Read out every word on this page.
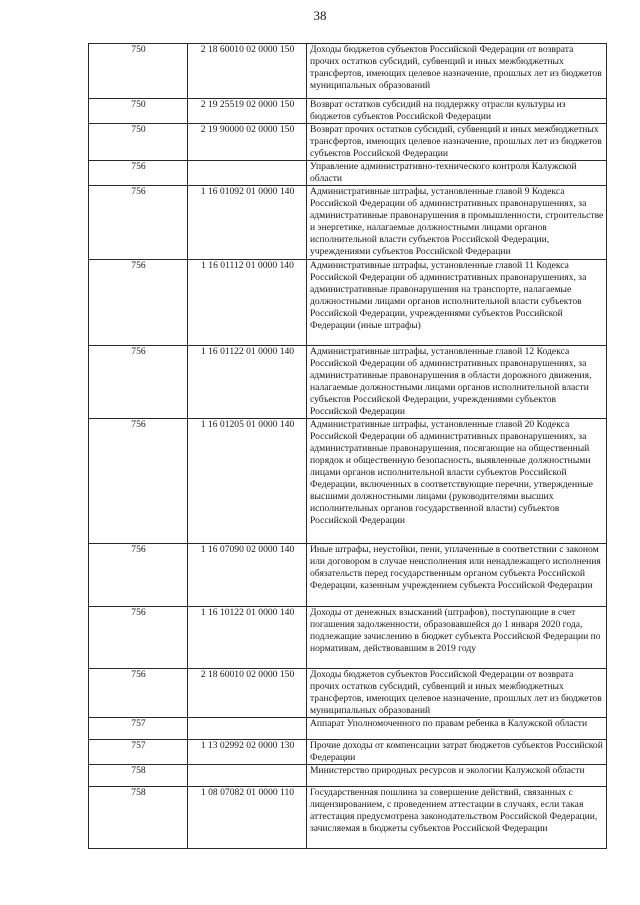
38
750	2 18 60010 02 0000 150	Доходы бюджетов субъектов Российской Федерации от возврата прочих остатков субсидий, субвенций и иных межбюджетных трансфертов, имеющих целевое назначение, прошлых лет из бюджетов муниципальных образований
750	2 19 25519 02 0000 150	Возврат остатков субсидий на поддержку отрасли культуры из бюджетов субъектов Российской Федерации
750	2 19 90000 02 0000 150	Возврат прочих остатков субсидий, субвенций и иных межбюджетных трансфертов, имеющих целевое назначение, прошлых лет из бюджетов субъектов Российской Федерации
756		Управление административно-технического контроля Калужской области
756	1 16 01092 01 0000 140	Административные штрафы, установленные главой 9 Кодекса Российской Федерации об административных правонарушениях, за административные правонарушения в промышленности, строительстве и энергетике, налагаемые должностными лицами органов исполнительной власти субъектов Российской Федерации, учреждениями субъектов Российской Федерации
756	1 16 01112 01 0000 140	Административные штрафы, установленные главой 11 Кодекса Российской Федерации об административных правонарушениях, за административные правонарушения на транспорте, налагаемые должностными лицами органов исполнительной власти субъектов Российской Федерации, учреждениями субъектов Российской Федерации (иные штрафы)
756	1 16 01122 01 0000 140	Административные штрафы, установленные главой 12 Кодекса Российской Федерации об административных правонарушениях, за административные правонарушения в области дорожного движения, налагаемые должностными лицами органов исполнительной власти субъектов Российской Федерации, учреждениями субъектов Российской Федерации
756	1 16 01205 01 0000 140	Административные штрафы, установленные главой 20 Кодекса Российской Федерации об административных правонарушениях, за административные правонарушения, посягающие на общественный порядок и общественную безопасность, выявленные должностными лицами органов исполнительной власти субъектов Российской Федерации, включенных в соответствующие перечни, утвержденные высшими должностными лицами (руководителями высших исполнительных органов государственной власти) субъектов Российской Федерации
756	1 16 07090 02 0000 140	Иные штрафы, неустойки, пени, уплаченные в соответствии с законом или договором в случае неисполнения или ненадлежащего исполнения обязательств перед государственным органом субъекта Российской Федерации, казенным учреждением субъекта Российской Федерации
756	1 16 10122 01 0000 140	Доходы от денежных взысканий (штрафов), поступающие в счет погашения задолженности, образовавшейся до 1 января 2020 года, подлежащие зачислению в бюджет субъекта Российской Федерации по нормативам, действовавшим в 2019 году
756	2 18 60010 02 0000 150	Доходы бюджетов субъектов Российской Федерации от возврата прочих остатков субсидий, субвенций и иных межбюджетных трансфертов, имеющих целевое назначение, прошлых лет из бюджетов муниципальных образований
757		Аппарат Уполномоченного по правам ребенка в Калужской области
757	1 13 02992 02 0000 130	Прочие доходы от компенсации затрат бюджетов субъектов Российской Федерации
758		Министерство природных ресурсов и экологии Калужской области
758	1 08 07082 01 0000 110	Государственная пошлина за совершение действий, связанных с лицензированием, с проведением аттестации в случаях, если такая аттестация предусмотрена законодательством Российской Федерации, зачисляемая в бюджеты субъектов Российской Федерации
